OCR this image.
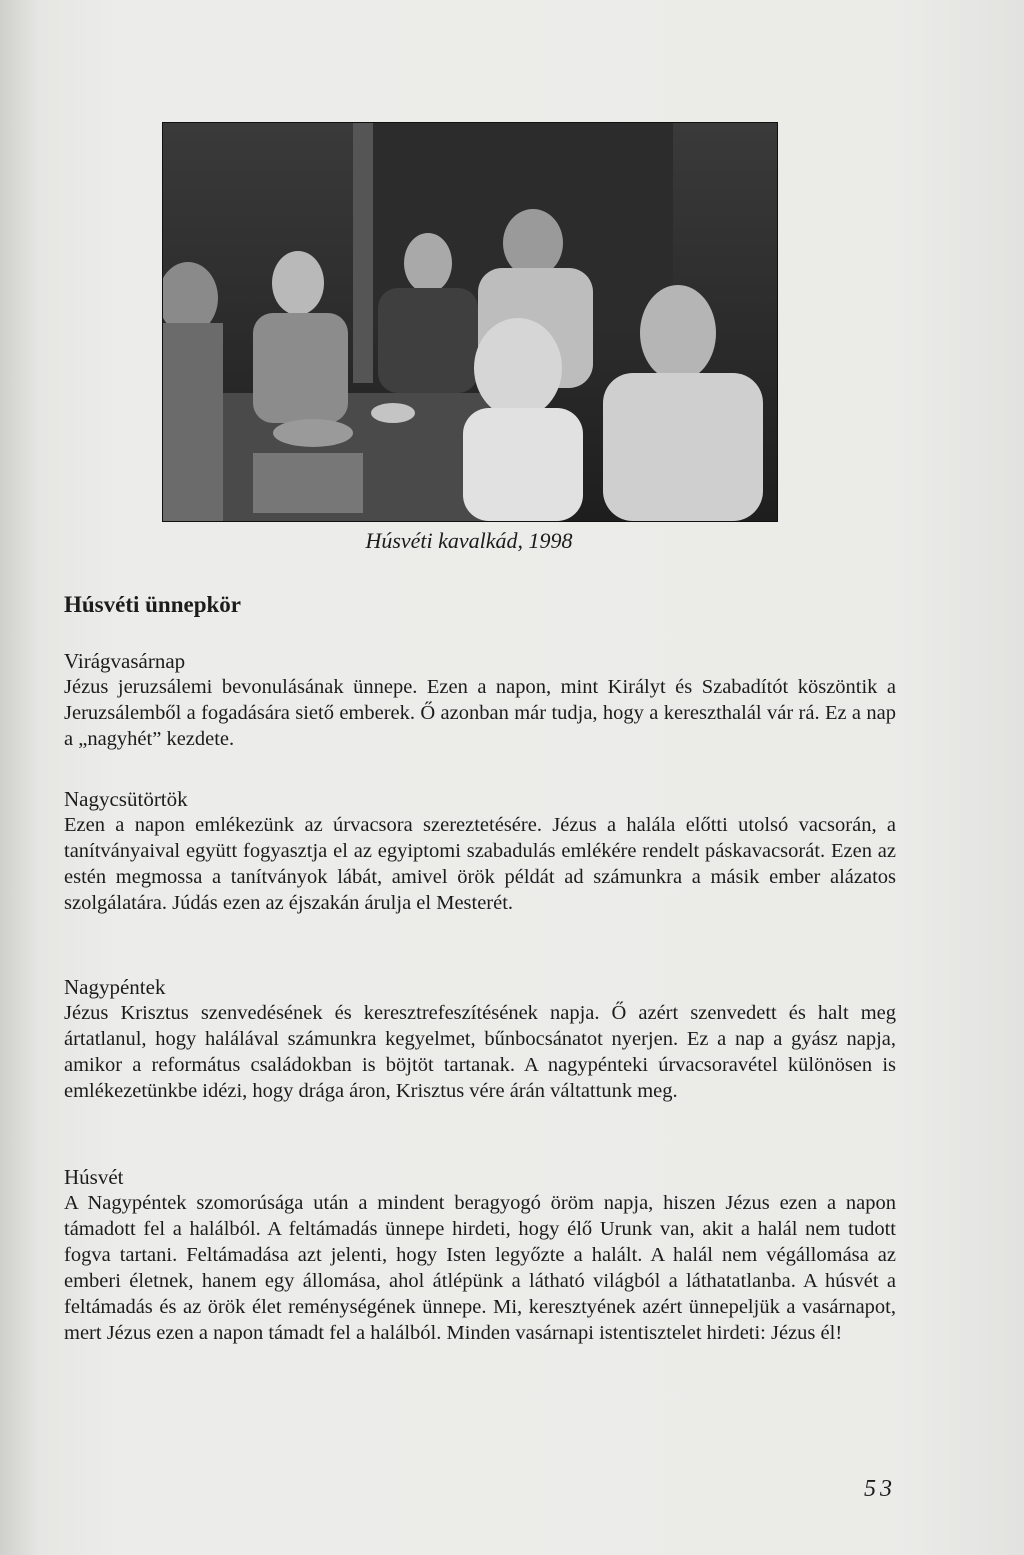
Húsvéti kavalkád, 1998
Húsvéti ünnepkör
Virágvasárnap

Jézus jeruzsálemi bevonulásának ünnepe. Ezen a napon, mint Királyt és Szabadítót köszöntik a Jeruzsálemből a fogadására siető emberek. Ő azonban már tudja, hogy a kereszthalál vár rá. Ez a nap a „nagyhét” kezdete.

Nagycsütörtök

Ezen a napon emlékezünk az úrvacsora szereztetésére. Jézus a halála előtti utolsó vacsorán, a tanítványaival együtt fogyasztja el az egyiptomi szabadulás emlékére rendelt páskavacsorát. Ezen az estén megmossa a tanítványok lábát, amivel örök példát ad számunkra a másik ember alázatos szolgálatára. Júdás ezen az éjszakán árulja el Mesterét.

Nagypéntek

Jézus Krisztus szenvedésének és keresztrefeszítésének napja. Ő azért szenvedett és halt meg ártatlanul, hogy halálával számunkra kegyelmet, bűnbocsánatot nyerjen. Ez a nap a gyász napja, amikor a református családokban is böjtöt tartanak. A nagypénteki úrvacsoravétel különösen is emlékezetünkbe idézi, hogy drága áron, Krisztus vére árán váltattunk meg.

Húsvét

A Nagypéntek szomorúsága után a mindent beragyogó öröm napja, hiszen Jézus ezen a napon támadott fel a halálból. A feltámadás ünnepe hirdeti, hogy élő Urunk van, akit a halál nem tudott fogva tartani. Feltámadása azt jelenti, hogy Isten legyőzte a halált. A halál nem végállomása az emberi életnek, hanem egy állomása, ahol átlépünk a látható világból a láthatatlanba. A húsvét a feltámadás és az örök élet reménységének ünnepe. Mi, keresztyének azért ünnepeljük a vasárnapot, mert Jézus ezen a napon támadt fel a halálból. Minden vasárnapi istentisztelet hirdeti: Jézus él!

53
